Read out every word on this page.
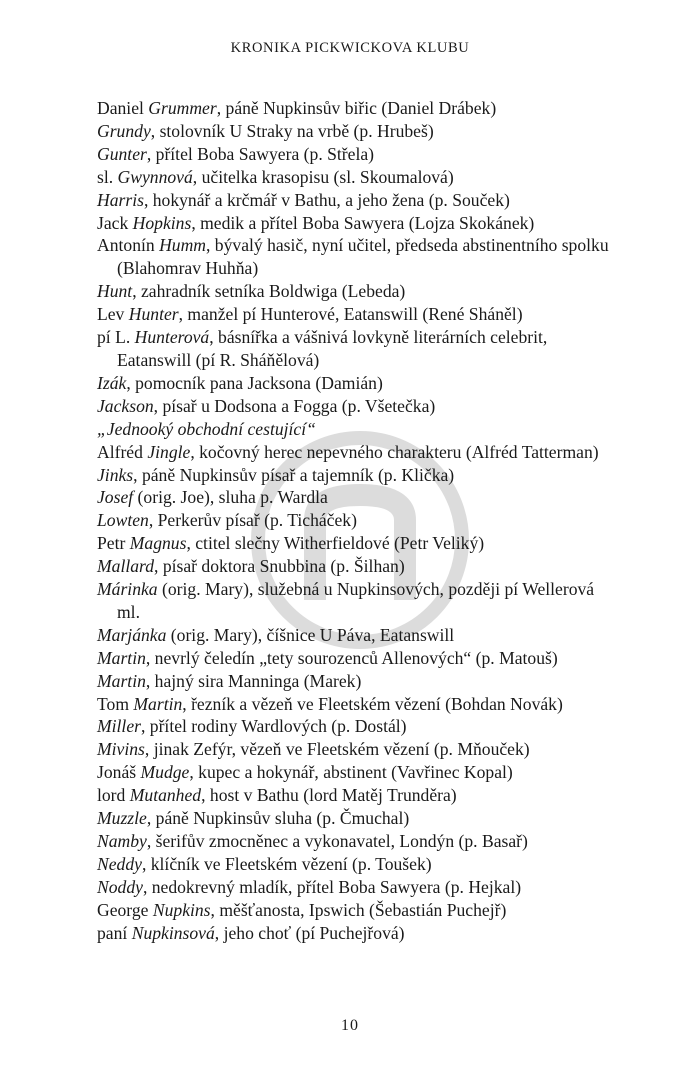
KRONIKA PICKWICKOVA KLUBU
Daniel Grummer, páně Nupkinsův biřic (Daniel Drábek)
Grundy, stolovník U Straky na vrbě (p. Hrubeš)
Gunter, přítel Boba Sawyera (p. Střela)
sl. Gwynnová, učitelka krasopisu (sl. Skoumalová)
Harris, hokynář a krčmář v Bathu, a jeho žena (p. Souček)
Jack Hopkins, medik a přítel Boba Sawyera (Lojza Skokánek)
Antonín Humm, bývalý hasič, nyní učitel, předseda abstinentního spolku (Blahomrav Huhňa)
Hunt, zahradník setníka Boldwiga (Lebeda)
Lev Hunter, manžel pí Hunterové, Eatanswill (René Sháněl)
pí L. Hunterová, básnířka a vášnivá lovkyně literárních celebrit, Eatanswill (pí R. Sháňělová)
Izák, pomocník pana Jacksona (Damián)
Jackson, písař u Dodsona a Fogga (p. Všetečka)
„Jednooký obchodní cestující“
Alfréd Jingle, kočovný herec nepevného charakteru (Alfréd Tatterman)
Jinks, páně Nupkinsův písař a tajemník (p. Klička)
Josef (orig. Joe), sluha p. Wardla
Lowten, Perkerův písař (p. Ticháček)
Petr Magnus, ctitel slečny Witherfieldové (Petr Veliký)
Mallard, písař doktora Snubbina (p. Šilhan)
Márinka (orig. Mary), služebná u Nupkinsových, později pí Wellerová ml.
Marjánka (orig. Mary), číšnice U Páva, Eatanswill
Martin, nevrlý čeledín „tety sourozenců Allenových“ (p. Matouš)
Martin, hajný sira Manninga (Marek)
Tom Martin, řezník a vězeň ve Fleetském vězení (Bohdan Novák)
Miller, přítel rodiny Wardlových (p. Dostál)
Mivins, jinak Zefýr, vězeň ve Fleetském vězení (p. Mňouček)
Jonáš Mudge, kupec a hokynář, abstinent (Vavřinec Kopal)
lord Mutanhed, host v Bathu (lord Matěj Trunděra)
Muzzle, páně Nupkinsův sluha (p. Čmuchal)
Namby, šerifův zmocněnec a vykonavatel, Londýn (p. Basař)
Neddy, klíčník ve Fleetském vězení (p. Toušek)
Noddy, nedokrevný mladík, přítel Boba Sawyera (p. Hejkal)
George Nupkins, měšťanosta, Ipswich (Šebastián Puchejř)
paní Nupkinsová, jeho choť (pí Puchejřová)
10
